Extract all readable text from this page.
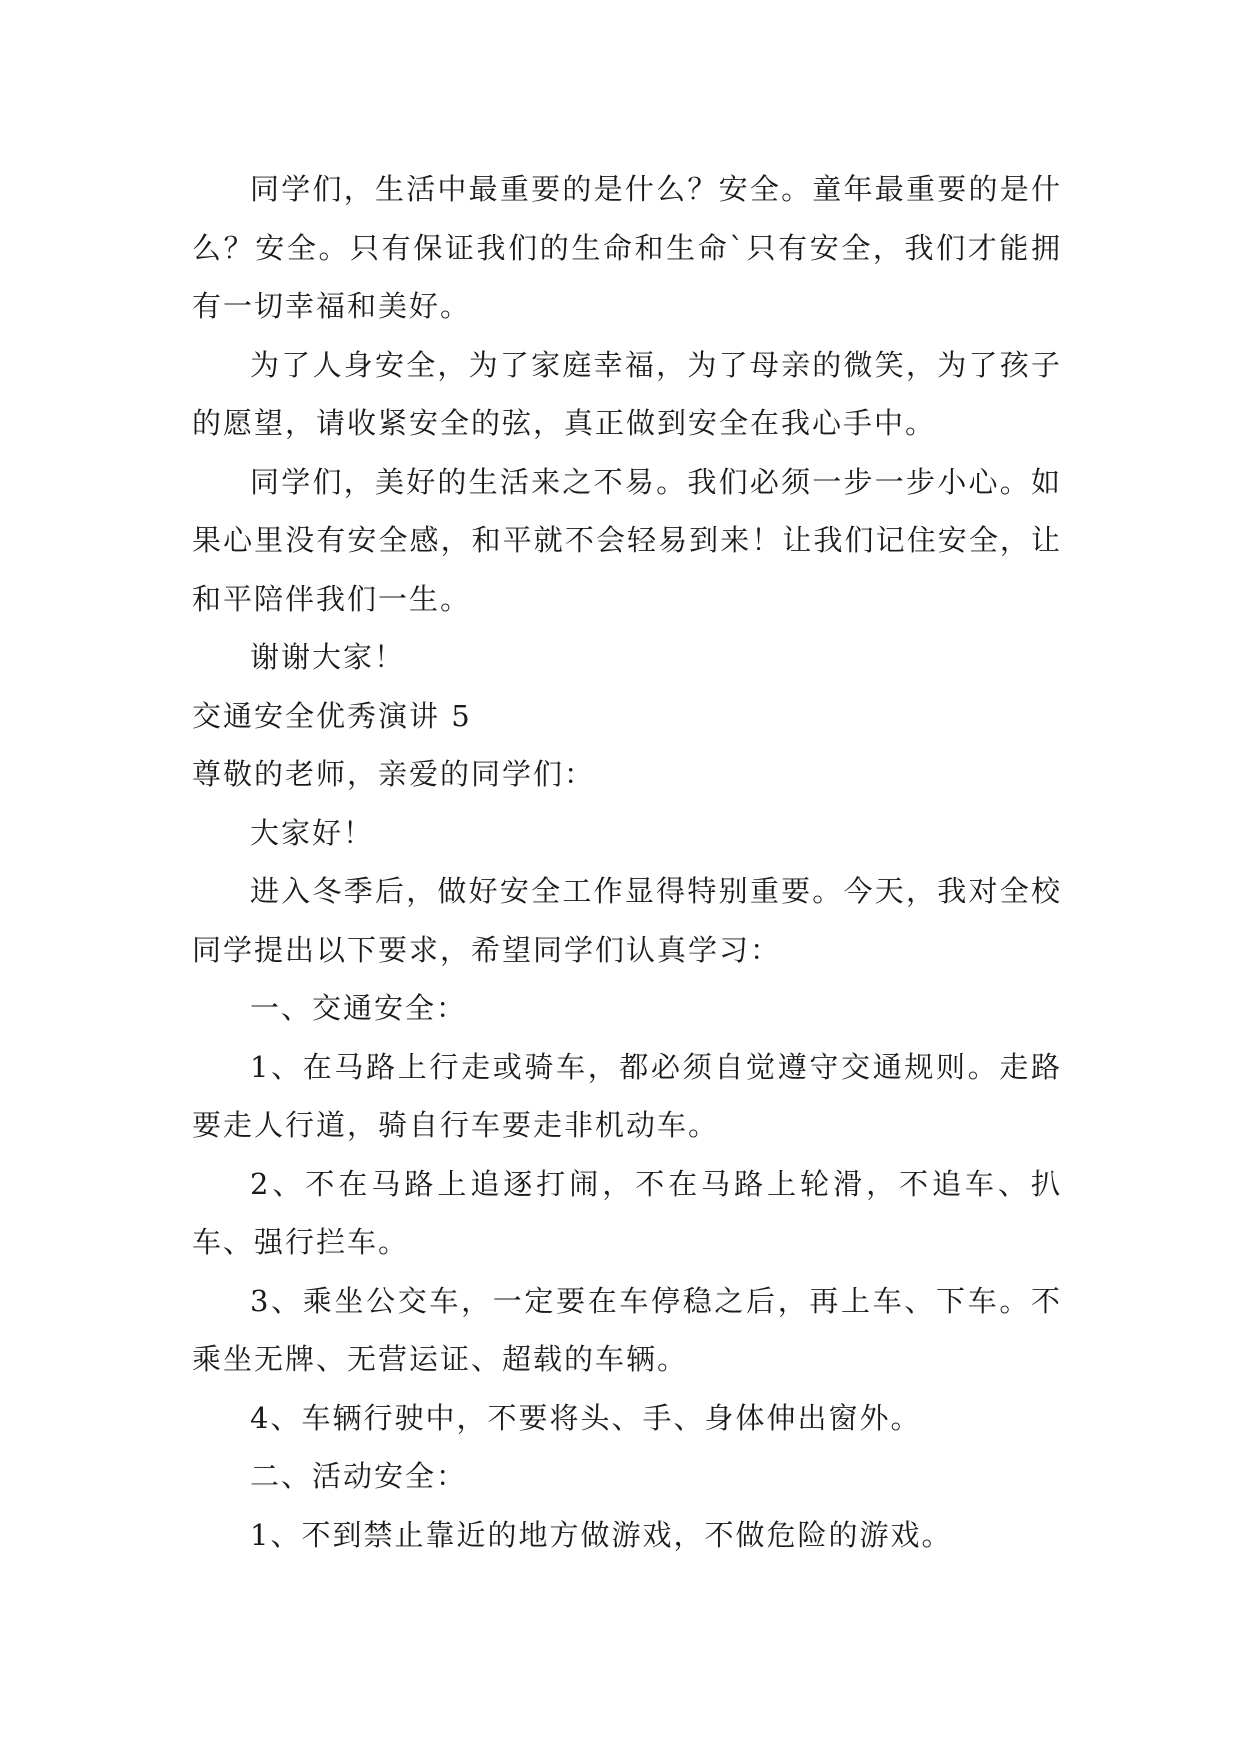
同学们，生活中最重要的是什么？安全。童年最重要的是什么？安全。只有保证我们的生命和生命`只有安全，我们才能拥有一切幸福和美好。

为了人身安全，为了家庭幸福，为了母亲的微笑，为了孩子的愿望，请收紧安全的弦，真正做到安全在我心手中。

同学们，美好的生活来之不易。我们必须一步一步小心。如果心里没有安全感，和平就不会轻易到来！让我们记住安全，让和平陪伴我们一生。

谢谢大家！

交通安全优秀演讲 5

尊敬的老师，亲爱的同学们：

大家好！

进入冬季后，做好安全工作显得特别重要。今天，我对全校同学提出以下要求，希望同学们认真学习：

一、交通安全：

1、在马路上行走或骑车，都必须自觉遵守交通规则。走路要走人行道，骑自行车要走非机动车。

2、不在马路上追逐打闹，不在马路上轮滑，不追车、扒车、强行拦车。

3、乘坐公交车，一定要在车停稳之后，再上车、下车。不乘坐无牌、无营运证、超载的车辆。

4、车辆行驶中，不要将头、手、身体伸出窗外。

二、活动安全：

1、不到禁止靠近的地方做游戏，不做危险的游戏。
